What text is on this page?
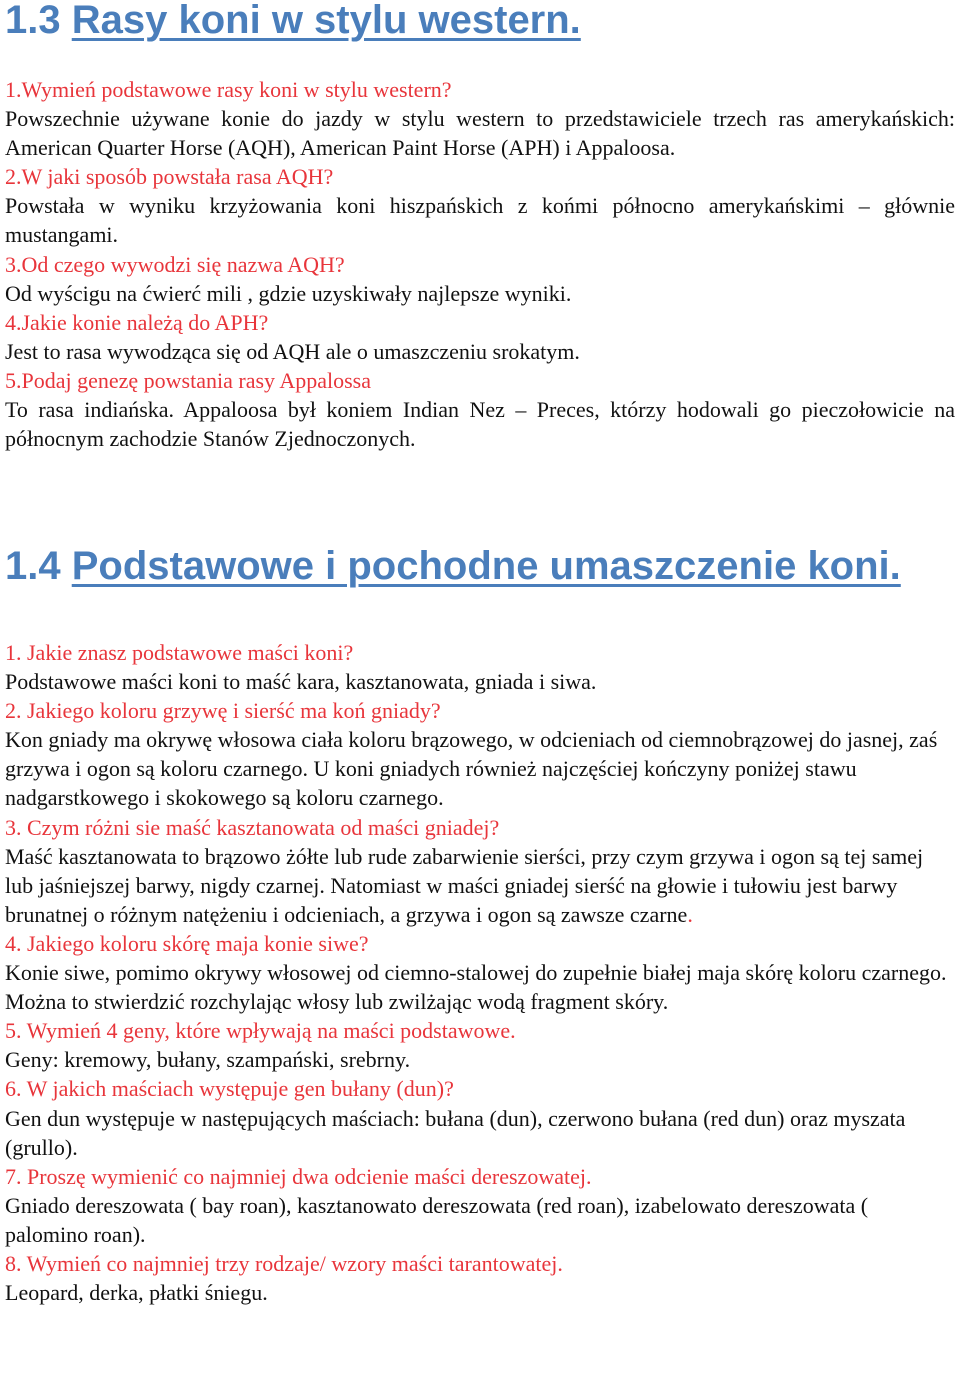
1.3 Rasy koni w stylu western.

1.Wymień podstawowe rasy koni w stylu western?

Powszechnie używane konie do jazdy w stylu western to przedstawiciele trzech ras amerykańskich: American Quarter Horse (AQH), American Paint Horse (APH) i Appaloosa.

2.W jaki sposób powstała rasa AQH?

Powstała w wyniku krzyżowania koni hiszpańskich z końmi północno amerykańskimi – głównie mustangami.

3.Od czego wywodzi się nazwa AQH?

Od wyścigu na ćwierć mili , gdzie uzyskiwały najlepsze wyniki.

4.Jakie konie należą do APH?

Jest to rasa wywodząca się od AQH ale o umaszczeniu srokatym.

5.Podaj genezę powstania rasy Appalossa

To rasa indiańska. Appaloosa był koniem Indian Nez – Preces, którzy hodowali go pieczołowicie na północnym zachodzie Stanów Zjednoczonych.

1.4 Podstawowe i pochodne umaszczenie koni.

1. Jakie znasz podstawowe maści koni?

Podstawowe maści koni to maść kara, kasztanowata, gniada i siwa.

2. Jakiego koloru grzywę i sierść ma koń gniady?

Kon gniady ma okrywę włosowa ciała koloru brązowego, w odcieniach od ciemnobrązowej do jasnej, zaś grzywa i ogon są koloru czarnego. U koni gniadych również najczęściej kończyny poniżej stawu nadgarstkowego i skokowego są koloru czarnego.

3. Czym różni sie maść kasztanowata od maści gniadej?

Maść kasztanowata to brązowo żółte lub rude zabarwienie sierści, przy czym grzywa i ogon są tej samej lub jaśniejszej barwy, nigdy czarnej. Natomiast w maści gniadej sierść na głowie i tułowiu jest barwy brunatnej o różnym natężeniu i odcieniach, a grzywa i ogon są zawsze czarne.

4. Jakiego koloru skórę maja konie siwe?

Konie siwe, pomimo okrywy włosowej od ciemno-stalowej do zupełnie białej maja skórę koloru czarnego. Można to stwierdzić rozchylając włosy lub zwilżając wodą fragment skóry.

5. Wymień 4 geny, które wpływają na maści podstawowe.

Geny: kremowy, bułany, szampański, srebrny.

6. W jakich maściach występuje gen bułany (dun)?

Gen dun występuje w następujących maściach: bułana (dun), czerwono bułana (red dun) oraz myszata (grullo).

7. Proszę wymienić co najmniej dwa odcienie maści dereszowatej.

Gniado dereszowata ( bay roan), kasztanowato dereszowata (red roan), izabelowato dereszowata ( palomino roan).

8. Wymień co najmniej trzy rodzaje/ wzory maści tarantowatej.

Leopard, derka, płatki śniegu.
